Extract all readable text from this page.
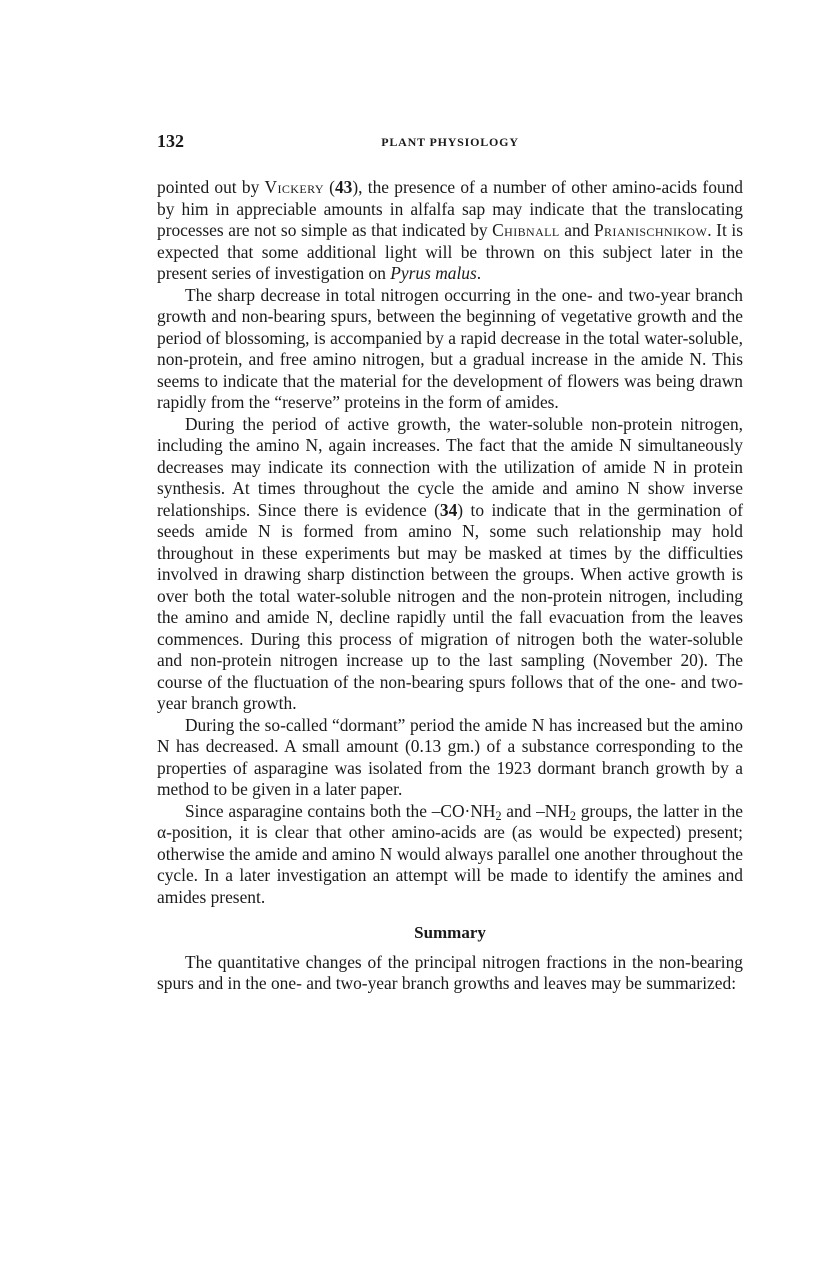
132	PLANT PHYSIOLOGY

pointed out by Vickery (43), the presence of a number of other amino-acids found by him in appreciable amounts in alfalfa sap may indicate that the translocating processes are not so simple as that indicated by Chibnall and Prianischnikow. It is expected that some additional light will be thrown on this subject later in the present series of investigation on Pyrus malus.

The sharp decrease in total nitrogen occurring in the one- and two-year branch growth and non-bearing spurs, between the beginning of vegetative growth and the period of blossoming, is accompanied by a rapid decrease in the total water-soluble, non-protein, and free amino nitrogen, but a gradual increase in the amide N. This seems to indicate that the material for the development of flowers was being drawn rapidly from the “reserve” proteins in the form of amides.

During the period of active growth, the water-soluble non-protein nitrogen, including the amino N, again increases. The fact that the amide N simultaneously decreases may indicate its connection with the utilization of amide N in protein synthesis. At times throughout the cycle the amide and amino N show inverse relationships. Since there is evidence (34) to indicate that in the germination of seeds amide N is formed from amino N, some such relationship may hold throughout in these experiments but may be masked at times by the difficulties involved in drawing sharp distinction between the groups. When active growth is over both the total water-soluble nitrogen and the non-protein nitrogen, including the amino and amide N, decline rapidly until the fall evacuation from the leaves commences. During this process of migration of nitrogen both the water-soluble and non-protein nitrogen increase up to the last sampling (November 20). The course of the fluctuation of the non-bearing spurs follows that of the one- and two-year branch growth.

During the so-called “dormant” period the amide N has increased but the amino N has decreased. A small amount (0.13 gm.) of a substance corresponding to the properties of asparagine was isolated from the 1923 dormant branch growth by a method to be given in a later paper.

Since asparagine contains both the $-CO\cdot NH_2$ and $-NH_2$ groups, the latter in the α-position, it is clear that other amino-acids are (as would be expected) present; otherwise the amide and amino N would always parallel one another throughout the cycle. In a later investigation an attempt will be made to identify the amines and amides present.

Summary

The quantitative changes of the principal nitrogen fractions in the non-bearing spurs and in the one- and two-year branch growths and leaves may be summarized:
